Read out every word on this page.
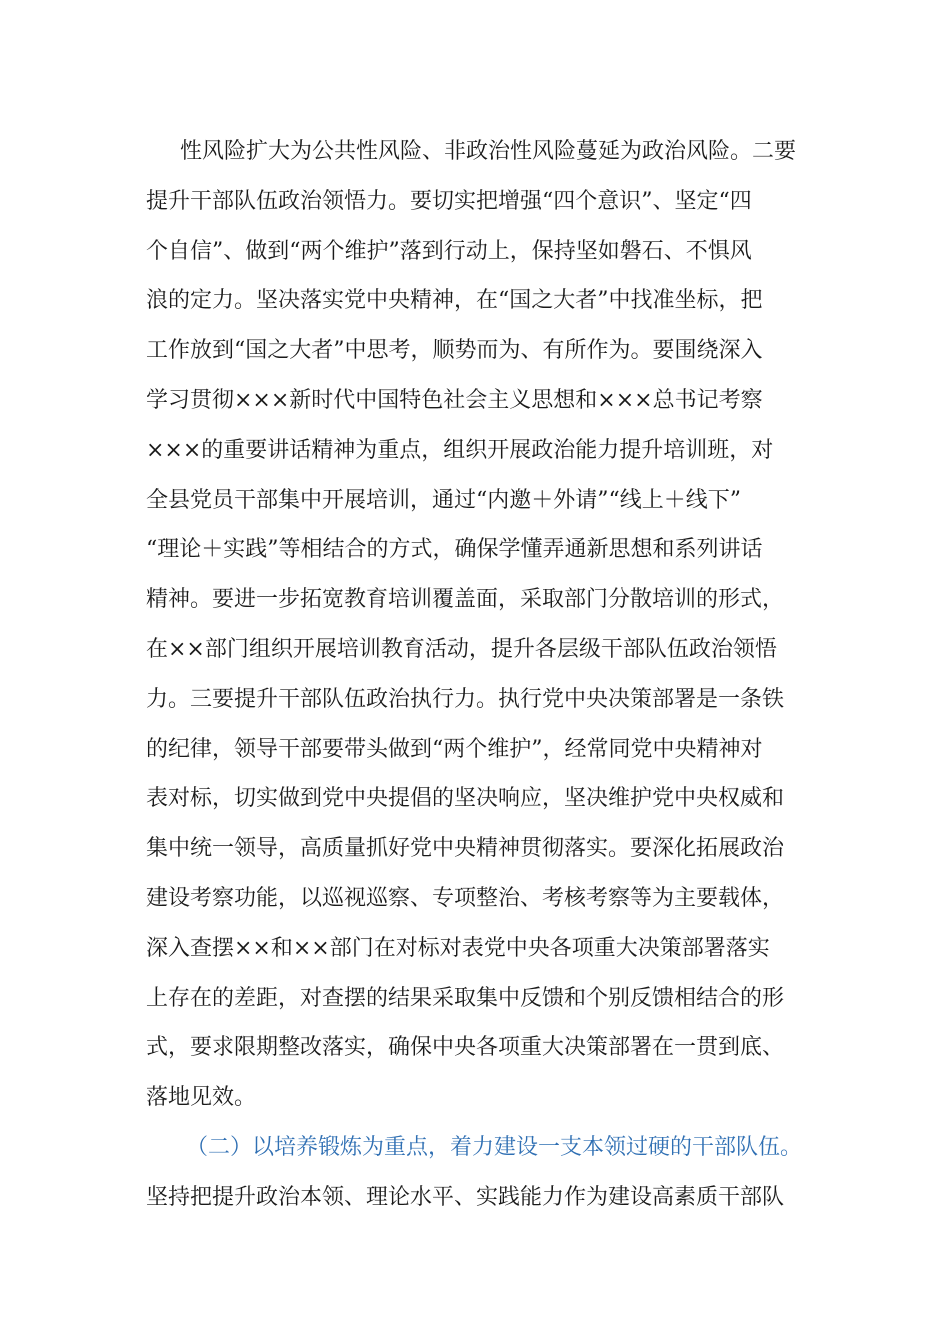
性风险扩大为公共性风险、非政治性风险蔓延为政治风险。二要
提升干部队伍政治领悟力。要切实把增强“四个意识”、坚定“四
个自信”、做到“两个维护”落到行动上，保持坚如磐石、不惧风
浪的定力。坚决落实党中央精神，在“国之大者”中找准坐标，把
工作放到“国之大者”中思考，顺势而为、有所作为。要围绕深入
学习贯彻×××新时代中国特色社会主义思想和×××总书记考察
×××的重要讲话精神为重点，组织开展政治能力提升培训班，对
全县党员干部集中开展培训，通过“内邀＋外请”“线上＋线下”
“理论＋实践”等相结合的方式，确保学懂弄通新思想和系列讲话
精神。要进一步拓宽教育培训覆盖面，采取部门分散培训的形式，
在××部门组织开展培训教育活动，提升各层级干部队伍政治领悟
力。三要提升干部队伍政治执行力。执行党中央决策部署是一条铁
的纪律，领导干部要带头做到“两个维护”，经常同党中央精神对
表对标，切实做到党中央提倡的坚决响应，坚决维护党中央权威和
集中统一领导，高质量抓好党中央精神贯彻落实。要深化拓展政治
建设考察功能，以巡视巡察、专项整治、考核考察等为主要载体，
深入查摆××和××部门在对标对表党中央各项重大决策部署落实
上存在的差距，对查摆的结果采取集中反馈和个别反馈相结合的形
式，要求限期整改落实，确保中央各项重大决策部署在一贯到底、
落地见效。
（二）以培养锻炼为重点，着力建设一支本领过硬的干部队伍。
坚持把提升政治本领、理论水平、实践能力作为建设高素质干部队
